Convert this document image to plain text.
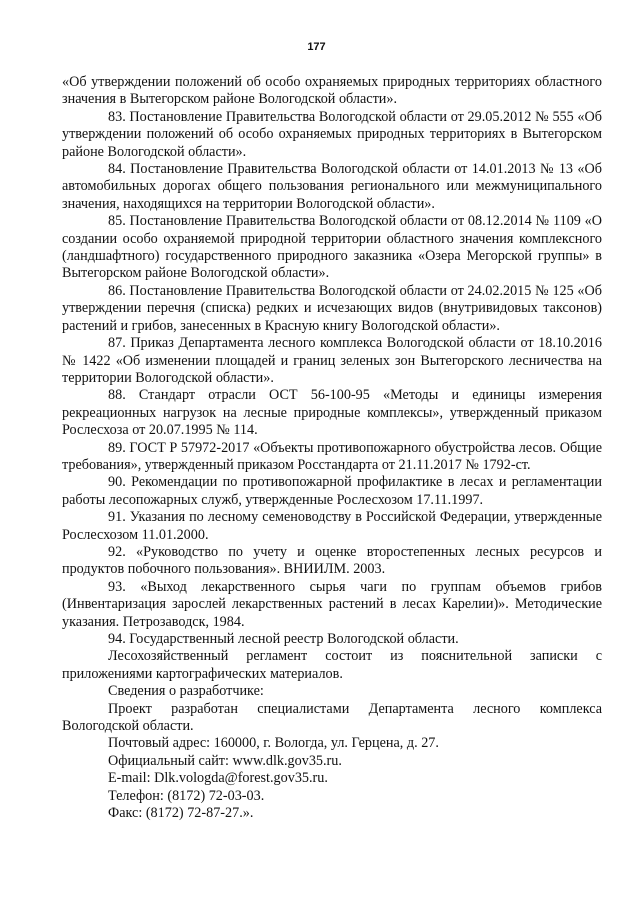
177

«Об утверждении положений об особо охраняемых природных территориях областного значения в Вытегорском районе Вологодской области».

83. Постановление Правительства Вологодской области от 29.05.2012 № 555 «Об утверждении положений об особо охраняемых природных территориях в Вытегорском районе Вологодской области».

84. Постановление Правительства Вологодской области от 14.01.2013 № 13 «Об автомобильных дорогах общего пользования регионального или межмуниципального значения, находящихся на территории Вологодской области».

85. Постановление Правительства Вологодской области от 08.12.2014 № 1109 «О создании особо охраняемой природной территории областного значения комплексного (ландшафтного) государственного природного заказника «Озера Мегорской группы» в Вытегорском районе Вологодской области».

86. Постановление Правительства Вологодской области от 24.02.2015 № 125 «Об утверждении перечня (списка) редких и исчезающих видов (внутривидовых таксонов) растений и грибов, занесенных в Красную книгу Вологодской области».

87. Приказ Департамента лесного комплекса Вологодской области от 18.10.2016 № 1422 «Об изменении площадей и границ зеленых зон Вытегорского лесничества на территории Вологодской области».

88. Стандарт отрасли ОСТ 56-100-95 «Методы и единицы измерения рекреационных нагрузок на лесные природные комплексы», утвержденный приказом Рослесхоза от 20.07.1995 № 114.

89. ГОСТ Р 57972-2017 «Объекты противопожарного обустройства лесов. Общие требования», утвержденный приказом Росстандарта от 21.11.2017 № 1792-ст.

90. Рекомендации по противопожарной профилактике в лесах и регламентации работы лесопожарных служб, утвержденные Рослесхозом 17.11.1997.

91. Указания по лесному семеноводству в Российской Федерации, утвержденные Рослесхозом 11.01.2000.

92. «Руководство по учету и оценке второстепенных лесных ресурсов и продуктов побочного пользования». ВНИИЛМ. 2003.

93. «Выход лекарственного сырья чаги по группам объемов грибов (Инвентаризация зарослей лекарственных растений в лесах Карелии)». Методические указания. Петрозаводск, 1984.

94. Государственный лесной реестр Вологодской области.

Лесохозяйственный регламент состоит из пояснительной записки с приложениями картографических материалов.

Сведения о разработчике:

Проект разработан специалистами Департамента лесного комплекса Вологодской области.

Почтовый адрес: 160000, г. Вологда, ул. Герцена, д. 27.

Официальный сайт: www.dlk.gov35.ru.

E-mail: Dlk.vologda@forest.gov35.ru.

Телефон: (8172) 72-03-03.

Факс: (8172) 72-87-27.».
